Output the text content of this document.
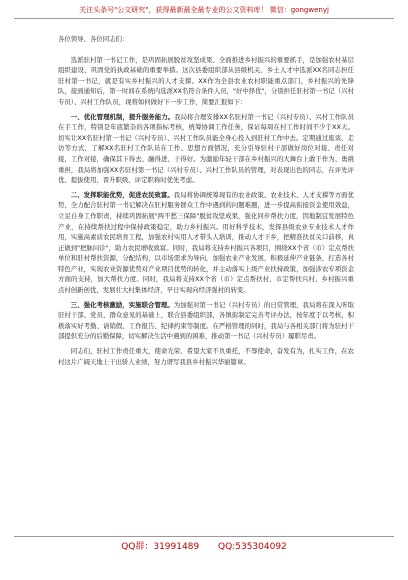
关注头条号"公文研究"，获得最新最全最专业的公文资料库！ 微信：gongwenyj

各位领导、各位同志们：

选派驻村第一书记工作，是巩固拓展脱贫攻坚成果、全面推进乡村振兴的重要抓手，是加强农村基层组织建设、巩固党的执政基础的重要举措。这次县委组织部从县级机关、乡土人才中选派XX名同志担任驻村第一书记，就是有实乡村振兴的人才支撑。XX作为全县农业农村职能重点部门，乡村振兴的先锋队，接到通知后，第一时间在系统内选派XX名符合条件人员，"好中择优"，分别担任驻村第一书记（兴村专员）、兴村工作队员，现将如何做好下一步工作，简要汇报如下：

一、优化管理机制，提升服务能力。我局将合理安排XX名驻村第一书记（兴村专员）、兴村工作队员在手工作，特别是年底繁杂的各项指标考核，统筹协调工作任务，保证每周在村工作时间不少于XX天。切实让XX名驻村第一书记（兴村专员）、兴村工作队员能全身心投入到驻村工作中去。定期通过座谈、走访等方式，了解XX名驻村工作队员在工作、思想方面情况，充分引导驻村干部做好岗位对接、责任对接，工作对接，确保其下得去、融得进、干得好。为激励年轻干部在乡村振兴的大舞台上敢于作为、勇挑重担，我局将加强XX名驻村第一书记（兴村专员）、兴村工作队员的管理，对表现出色的同志，在评先评优、提拔使用、晋升职级、评定职称时优先考虑。

二、发挥职能优势，促进农民致富。我局将协调统筹现有的农业政策、农业技术、人才支撑等方面优势，全力配合驻村第一书记解决在驻村服务群众工作中遇到的问题难题，进一步提高衔接资金使用效益，立足自身工作职责，持续巩固拓展"两不愁三保障"脱贫攻坚成果，强化同步帮扶力度，因地制宜发展特色产业，在持续帮扶过程中保持政策稳定，助力乡村振兴。用好科学技术，发挥县级农业专业技术人才作用，实施高素质农民培育工程，加强农村实用人才带头人培训，推动人才下乡，把精准扶贫关口前移，真正做到"把脉问诊"，助力农民增收致富。同时，我局将支持乡村振兴各项目，围绕XX个省（市）定点帮扶单位和驻村帮扶资源，分配结构，以市场需求为导向，加强农业产业发展，积极延伸产业链条，打造各村特色产业，实现农业资源优势对产业项目优势的转化，并主动落实上级产业扶持政策，加强涉农专项资金方面的支持，加大帮扶力度。同时，我局将支持XX个省（市）定点帮扶村、市定帮扶兴村、乡村振兴重点村创新创优，发展壮大村集体经济，早日实现向经济强村的转变。

三、强化考核激励，实施联合管理。为加强对第一书记（兴村专员）的日常管理，我局将在深入听取驻村干部、党员、群众意见的基础上，联合县委组织部，各镇街制定完善考评办法，按年度于以考核，积极落实好考勤、请销假、工作报告、纪律约束等制度。在严格管理的同时，我局与各相关部门将为驻村干部提供充分的后勤保障，切实解决生活中遇到的困难，推动第一书记（兴村专员）履职尽责。

同志们，驻村工作责任重大，使命光荣、希望大家不负重托，不辱使命，奋发有为，扎实工作，在农村这片广阔天地上干出骄人业绩，努力谱写我县乡村振兴华丽篇章。

QQ群：31991489 QQ:535304092
